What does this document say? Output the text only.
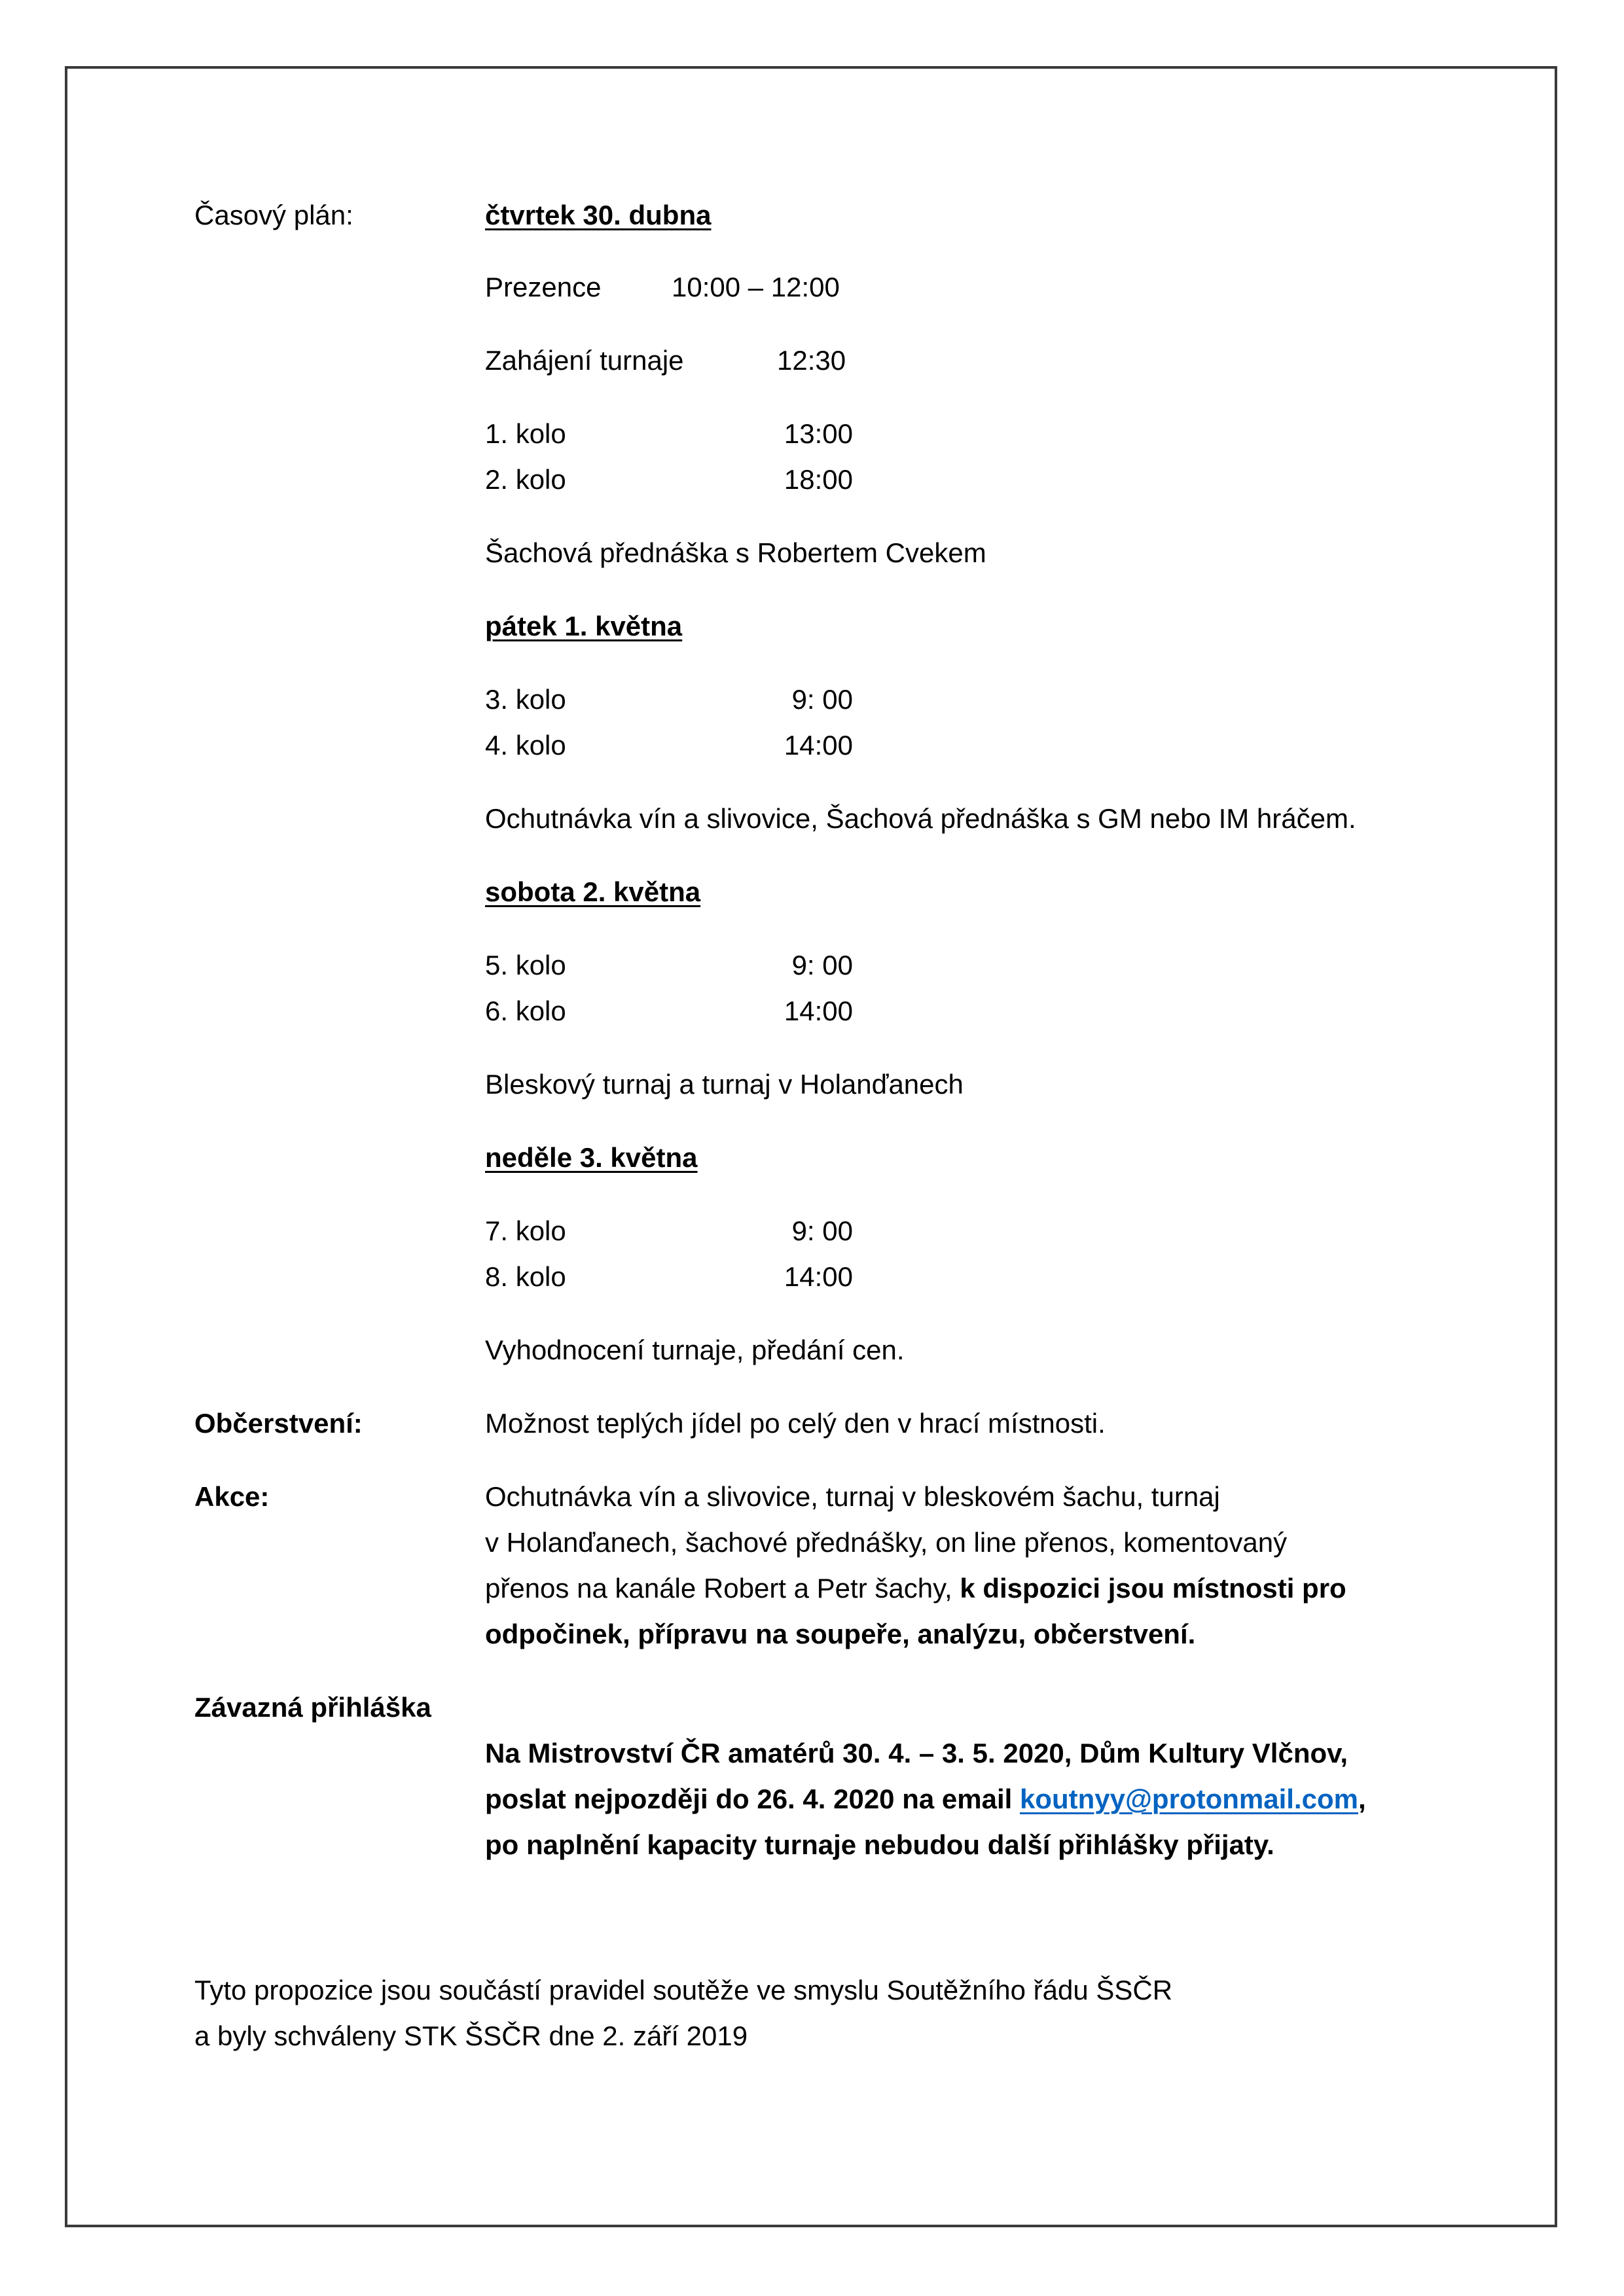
Časový plán:	čtvrtek 30. dubna
Prezence	10:00 – 12:00
Zahájení turnaje	12:30
1. kolo	13:00
2. kolo	18:00
Šachová přednáška s Robertem Cvekem
pátek 1. května
3. kolo	9: 00
4. kolo	14:00
Ochutnávka vín a slivovice, Šachová přednáška s GM nebo IM hráčem.
sobota 2. května
5. kolo	9: 00
6. kolo	14:00
Bleskový turnaj a turnaj v Holanďanech
neděle 3. května
7. kolo	9: 00
8. kolo	14:00
Vyhodnocení turnaje, předání cen.
Občerstvení:	Možnost teplých jídel po celý den v hrací místnosti.
Akce:	Ochutnávka vín a slivovice, turnaj v bleskovém šachu, turnaj
v Holanďanech, šachové přednášky, on line přenos, komentovaný
přenos na kanále Robert a Petr šachy, k dispozici jsou místnosti pro
odpočinek, přípravu na soupeře, analýzu, občerstvení.
Závazná přihláška
Na Mistrovství ČR amatérů 30. 4. – 3. 5. 2020, Dům Kultury Vlčnov,
poslat nejpozději do 26. 4. 2020 na email koutnyy@protonmail.com,
po naplnění kapacity turnaje nebudou další přihlášky přijaty.
Tyto propozice jsou součástí pravidel soutěže ve smyslu Soutěžního řádu ŠSČR
a byly schváleny STK ŠSČR dne 2. září 2019
